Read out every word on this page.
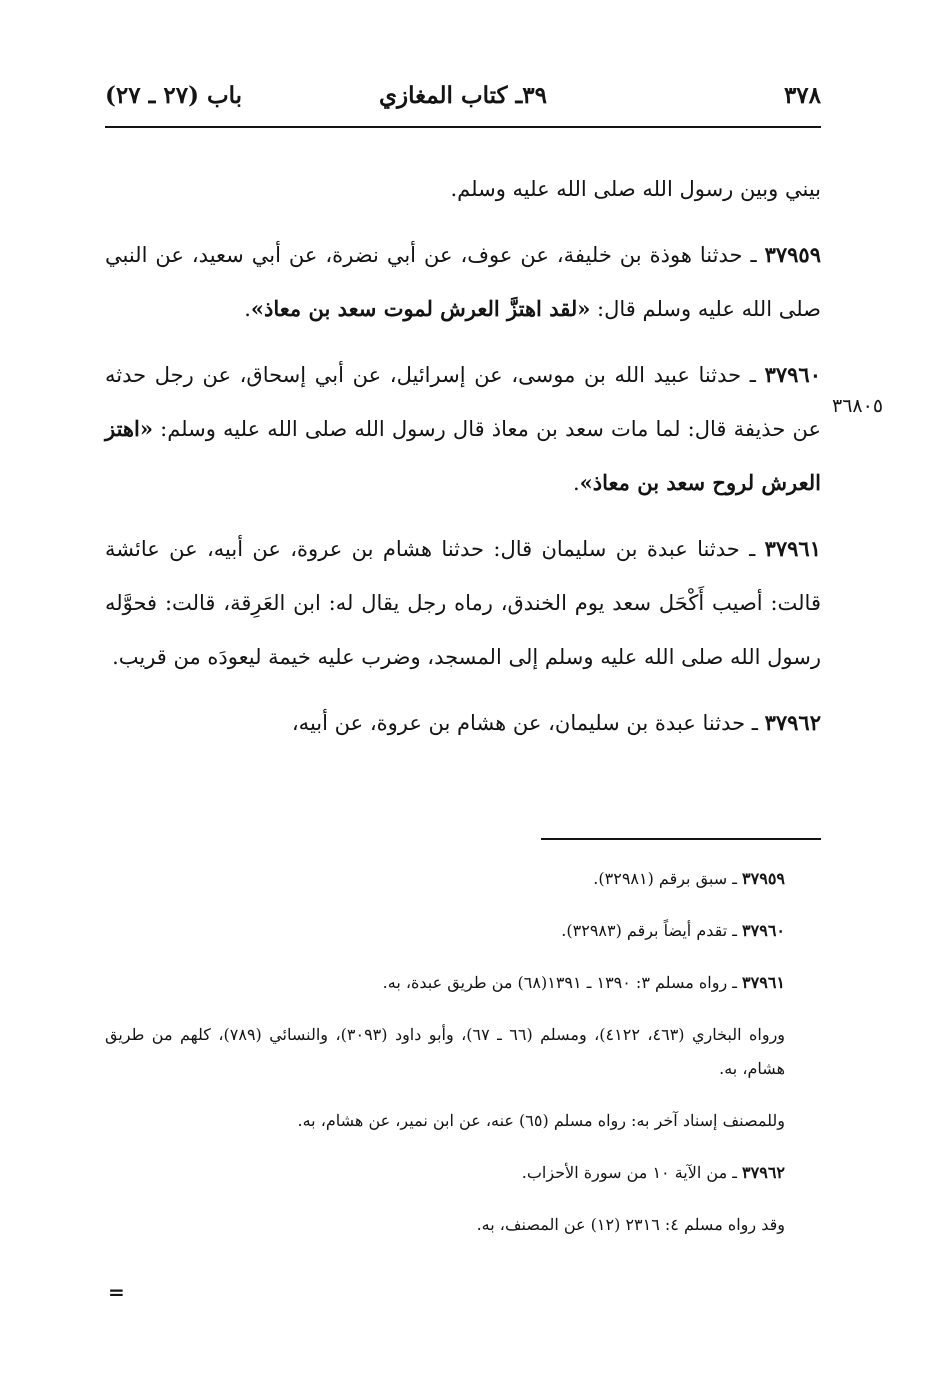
٣٧٨
٣٩ـ كتاب المغازي
باب (٢٧ ـ ٢٧)

بيني وبين رسول الله صلى الله عليه وسلم.

٣٧٩٥٩ ـ حدثنا هوذة بن خليفة، عن عوف، عن أبي نضرة، عن أبي سعيد، عن النبي صلى الله عليه وسلم قال: «لقد اهتزَّ العرش لموت سعد بن معاذ».

٣٧٩٦٠ ـ حدثنا عبيد الله بن موسى، عن إسرائيل، عن أبي إسحاق، عن رجل حدثه عن حذيفة قال: لما مات سعد بن معاذ قال رسول الله صلى الله عليه وسلم: «اهتز العرش لروح سعد بن معاذ».

٣٧٩٦١ ـ حدثنا عبدة بن سليمان قال: حدثنا هشام بن عروة، عن أبيه، عن عائشة قالت: أصيب أَكْحَل سعد يوم الخندق، رماه رجل يقال له: ابن العَرِقة، قالت: فحوَّله رسول الله صلى الله عليه وسلم إلى المسجد، وضرب عليه خيمة ليعودَه من قريب.

٣٧٩٦٢ ـ حدثنا عبدة بن سليمان، عن هشام بن عروة، عن أبيه،

٣٦٨٠٥

٣٧٩٥٩ ـ سبق برقم (٣٢٩٨١).

٣٧٩٦٠ ـ تقدم أيضاً برقم (٣٢٩٨٣).

٣٧٩٦١ ـ رواه مسلم ٣: ١٣٩٠ ـ ١٣٩١(٦٨) من طريق عبدة، به.

ورواه البخاري (٤٦٣، ٤١٢٢)، ومسلم (٦٦ ـ ٦٧)، وأبو داود (٣٠٩٣)، والنسائي (٧٨٩)، كلهم من طريق هشام، به.

وللمصنف إسناد آخر به: رواه مسلم (٦٥) عنه، عن ابن نمير، عن هشام، به.

٣٧٩٦٢ ـ من الآية ١٠ من سورة الأحزاب.

وقد رواه مسلم ٤: ٢٣١٦ (١٢) عن المصنف، به.

=
